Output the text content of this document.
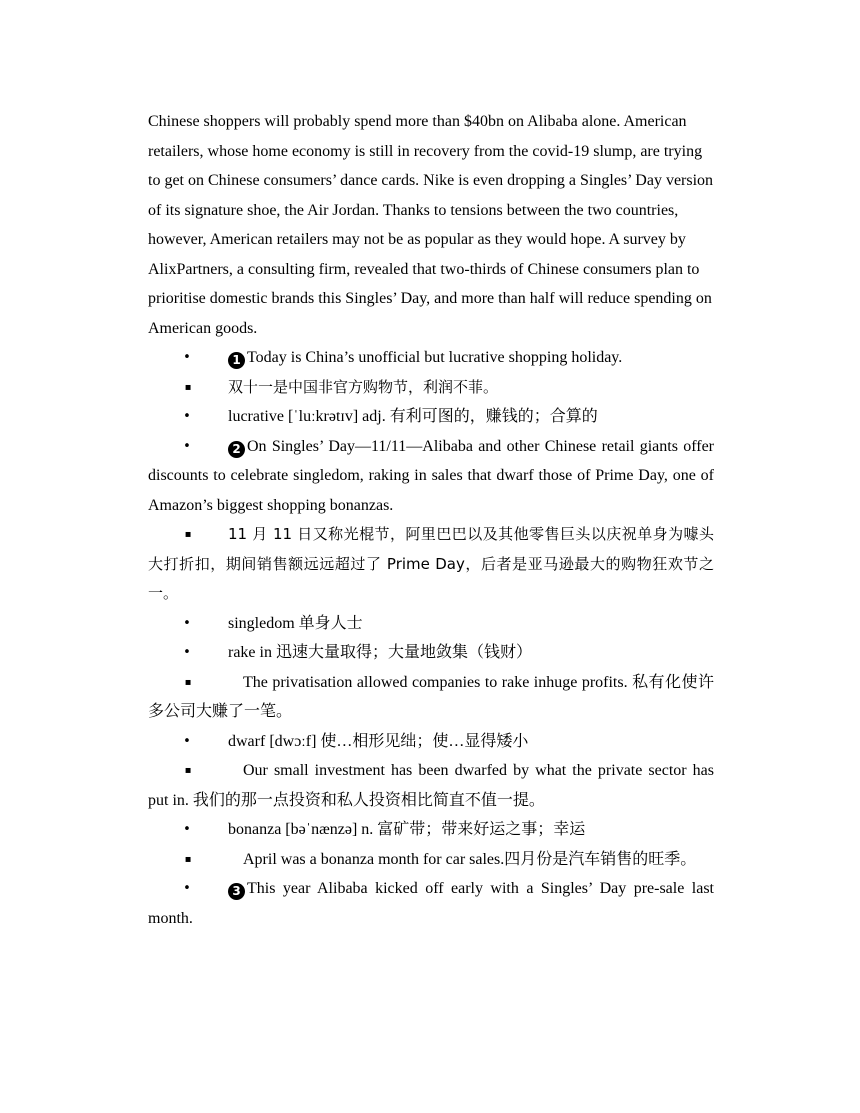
Chinese shoppers will probably spend more than $40bn on Alibaba alone. American retailers, whose home economy is still in recovery from the covid-19 slump, are trying to get on Chinese consumers’ dance cards. Nike is even dropping a Singles’ Day version of its signature shoe, the Air Jordan. Thanks to tensions between the two countries, however, American retailers may not be as popular as they would hope. A survey by AlixPartners, a consulting firm, revealed that two-thirds of Chinese consumers plan to prioritise domestic brands this Singles’ Day, and more than half will reduce spending on American goods.

•	1 Today is China’s unofficial but lucrative shopping holiday.

▪ 双十一是中国非官方购物节，利润不菲。

• lucrative [ˈluːkrətɪv] adj. 有利可图的，赚钱的；合算的

•	2 On Singles’ Day—11/11—Alibaba and other Chinese retail giants offer discounts to celebrate singledom, raking in sales that dwarf those of Prime Day, one of Amazon’s biggest shopping bonanzas.

▪ 11 月 11 日又称光棍节，阿里巴巴以及其他零售巨头以庆祝单身为噱头大打折扣，期间销售额远远超过了 Prime Day，后者是亚马逊最大的购物狂欢节之一。

• singledom 单身人士

• rake in 迅速大量取得；大量地敛集（钱财）

▪	The privatisation allowed companies to rake inhuge profits. 私有化使许多公司大赚了一笔。

• dwarf [dwɔːf] 使…相形见绌；使…显得矮小

▪	Our small investment has been dwarfed by what the private sector has put in. 我们的那一点投资和私人投资相比简直不值一提。

• bonanza [bəˈnænzə] n. 富矿带；带来好运之事；幸运

▪	April was a bonanza month for car sales.四月份是汽车销售的旺季。

•	3 This year Alibaba kicked off early with a Singles’ Day pre-sale last month.
